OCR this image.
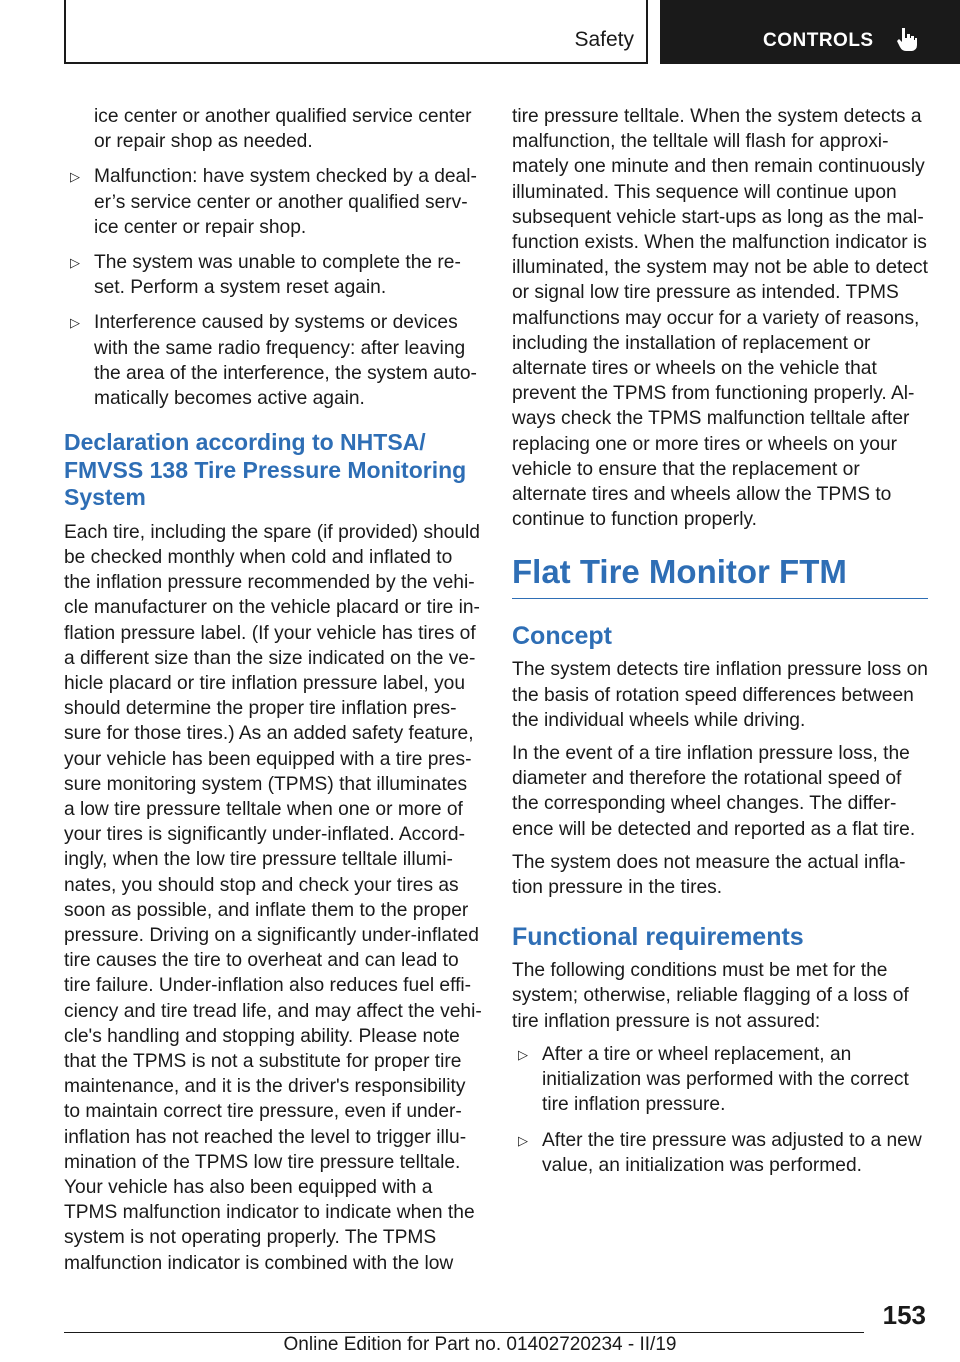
Safety	CONTROLS

ice center or another qualified service center or repair shop as needed.

▷ Malfunction: have system checked by a dealer’s service center or another qualified service center or repair shop.
▷ The system was unable to complete the reset. Perform a system reset again.
▷ Interference caused by systems or devices with the same radio frequency: after leaving the area of the interference, the system automatically becomes active again.
Declaration according to NHTSA/ FMVSS 138 Tire Pressure Monitoring System

Each tire, including the spare (if provided) should be checked monthly when cold and inflated to the inflation pressure recommended by the vehicle manufacturer on the vehicle placard or tire inflation pressure label. (If your vehicle has tires of a different size than the size indicated on the vehicle placard or tire inflation pressure label, you should determine the proper tire inflation pressure for those tires.) As an added safety feature, your vehicle has been equipped with a tire pressure monitoring system (TPMS) that illuminates a low tire pressure telltale when one or more of your tires is significantly under-inflated. Accordingly, when the low tire pressure telltale illuminates, you should stop and check your tires as soon as possible, and inflate them to the proper pressure. Driving on a significantly under-inflated tire causes the tire to overheat and can lead to tire failure. Under-inflation also reduces fuel efficiency and tire tread life, and may affect the vehicle's handling and stopping ability. Please note that the TPMS is not a substitute for proper tire maintenance, and it is the driver's responsibility to maintain correct tire pressure, even if under-inflation has not reached the level to trigger illumination of the TPMS low tire pressure telltale. Your vehicle has also been equipped with a TPMS malfunction indicator to indicate when the system is not operating properly. The TPMS malfunction indicator is combined with the low

tire pressure telltale. When the system detects a malfunction, the telltale will flash for approximately one minute and then remain continuously illuminated. This sequence will continue upon subsequent vehicle start-ups as long as the malfunction exists. When the malfunction indicator is illuminated, the system may not be able to detect or signal low tire pressure as intended. TPMS malfunctions may occur for a variety of reasons, including the installation of replacement or alternate tires or wheels on the vehicle that prevent the TPMS from functioning properly. Always check the TPMS malfunction telltale after replacing one or more tires or wheels on your vehicle to ensure that the replacement or alternate tires and wheels allow the TPMS to continue to function properly.

Flat Tire Monitor FTM
Concept

The system detects tire inflation pressure loss on the basis of rotation speed differences between the individual wheels while driving.

In the event of a tire inflation pressure loss, the diameter and therefore the rotational speed of the corresponding wheel changes. The difference will be detected and reported as a flat tire.

The system does not measure the actual inflation pressure in the tires.

Functional requirements

The following conditions must be met for the system; otherwise, reliable flagging of a loss of tire inflation pressure is not assured:

▷ After a tire or wheel replacement, an initialization was performed with the correct tire inflation pressure.
▷ After the tire pressure was adjusted to a new value, an initialization was performed.
153
Online Edition for Part no. 01402720234 - II/19
